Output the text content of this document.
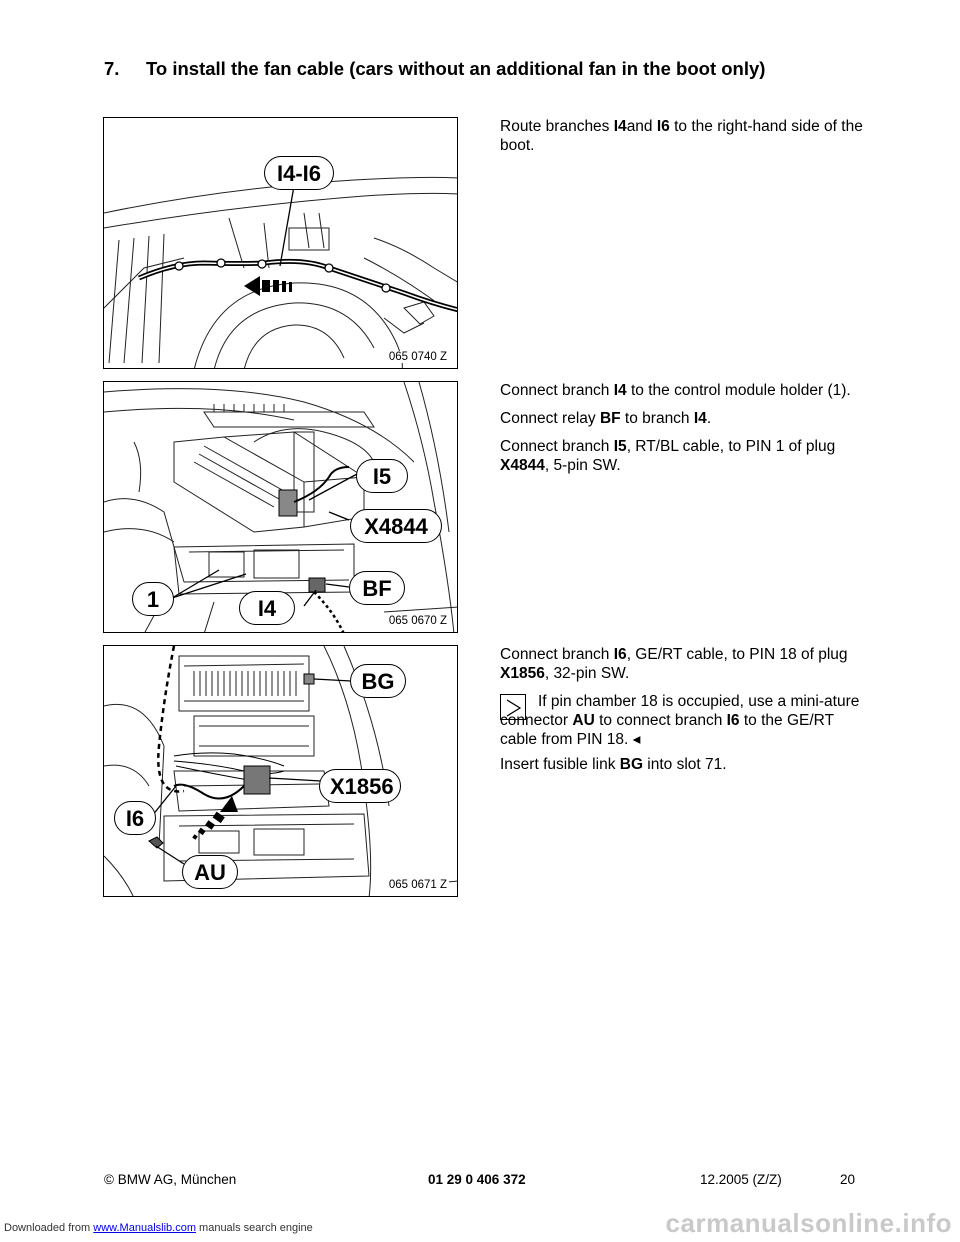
7. To install the fan cable (cars without an additional fan in the boot only)
I4-I6
065 0740 Z
I5
X4844
BF
1	I4	065 0670 Z
BG
X1856
I6
AU	065 0671 Z

Route branches I4and I6 to the right-hand side of the boot.

Connect branch I4 to the control module holder (1).

Connect relay BF to branch I4.

Connect branch I5, RT/BL cable, to PIN 1 of plug X4844, 5-pin SW.

Connect branch I6, GE/RT cable, to PIN 18 of plug X1856, 32-pin SW.

If pin chamber 18 is occupied, use a mini-ature connector AU to connect branch I6 to the GE/RT cable from PIN 18. ◂

Insert fusible link BG into slot 71.

© BMW AG, München	01 29 0 406 372	12.2005 (Z/Z)	20
Downloaded from www.Manualslib.com manuals search engine	carmanualsonline.info
